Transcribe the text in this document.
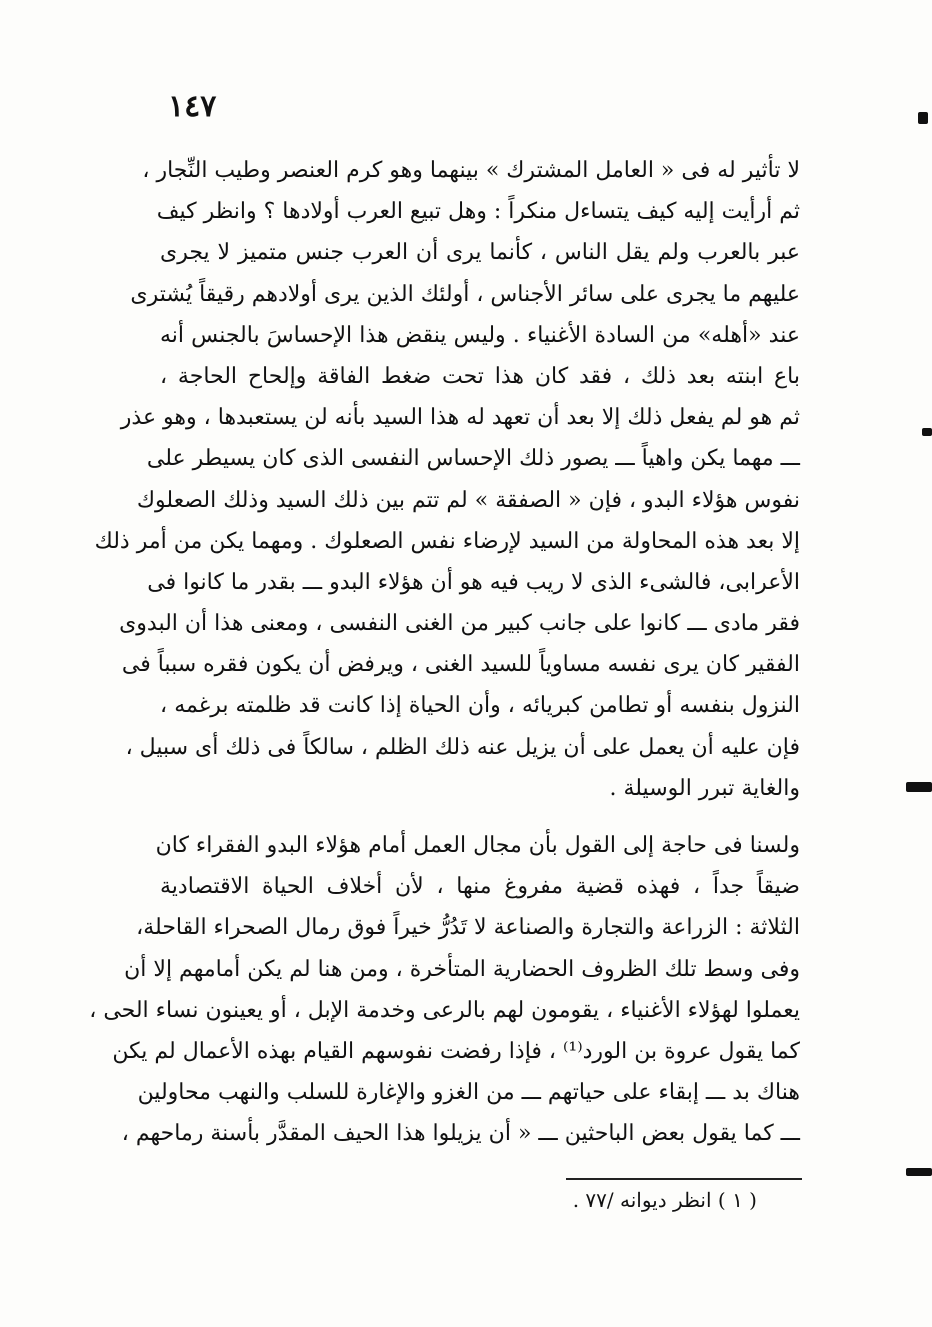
١٤٧
لا تأثير له فى « العامل المشترك » بينهما وهو كرم العنصر وطيب النِّجار ،
ثم أرأيت إليه كيف يتساءل منكراً : وهل تبيع العرب أولادها ؟ وانظر كيف
عبر بالعرب ولم يقل الناس ، كأنما يرى أن العرب جنس متميز لا يجرى
عليهم ما يجرى على سائر الأجناس ، أولئك الذين يرى أولادهم رقيقاً يُشترى
عند «أهله» من السادة الأغنياء . وليس ينقض هذا الإحساسَ بالجنس أنه
باع ابنته بعد ذلك ، فقد كان هذا تحت ضغط الفاقة وإلحاح الحاجة ،
ثم هو لم يفعل ذلك إلا بعد أن تعهد له هذا السيد بأنه لن يستعبدها ، وهو عذر
ـــ مهما يكن واهياً ـــ يصور ذلك الإحساس النفسى الذى كان يسيطر على
نفوس هؤلاء البدو ، فإن « الصفقة » لم تتم بين ذلك السيد وذلك الصعلوك
إلا بعد هذه المحاولة من السيد لإرضاء نفس الصعلوك . ومهما يكن من أمر ذلك
الأعرابى، فالشىء الذى لا ريب فيه هو أن هؤلاء البدو ـــ بقدر ما كانوا فى
فقر مادى ـــ كانوا على جانب كبير من الغنى النفسى ، ومعنى هذا أن البدوى
الفقير كان يرى نفسه مساوياً للسيد الغنى ، ويرفض أن يكون فقره سبباً فى
النزول بنفسه أو تطامن كبريائه ، وأن الحياة إذا كانت قد ظلمته برغمه ،
فإن عليه أن يعمل على أن يزيل عنه ذلك الظلم ، سالكاً فى ذلك أى سبيل ،
والغاية تبرر الوسيلة .
ولسنا فى حاجة إلى القول بأن مجال العمل أمام هؤلاء البدو الفقراء كان
ضيقاً جداً ، فهذه قضية مفروغ منها ، لأن أخلاف الحياة الاقتصادية
الثلاثة : الزراعة والتجارة والصناعة لا تَدُرُّ خيراً فوق رمال الصحراء القاحلة،
وفى وسط تلك الظروف الحضارية المتأخرة ، ومن هنا لم يكن أمامهم إلا أن
يعملوا لهؤلاء الأغنياء ، يقومون لهم بالرعى وخدمة الإبل ، أو يعينون نساء الحى ،
كما يقول عروة بن الورد⁽¹⁾ ، فإذا رفضت نفوسهم القيام بهذه الأعمال لم يكن
هناك بد ـــ إبقاء على حياتهم ـــ من الغزو والإغارة للسلب والنهب محاولين
ـــ كما يقول بعض الباحثين ـــ « أن يزيلوا هذا الحيف المقدَّر بأسنة رماحهم ،
( ١ ) انظر ديوانه /٧٧ .
